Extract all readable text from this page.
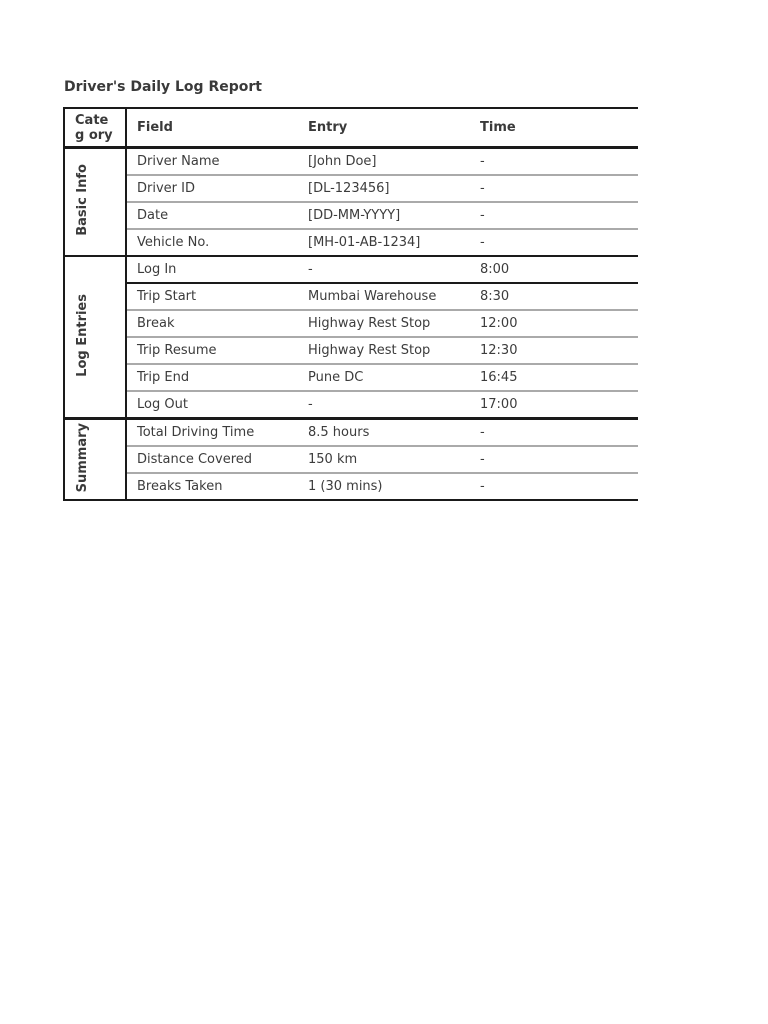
Driver's Daily Log Report
Categ ory	Field	Entry	Time
Basic Info	Driver Name	[John Doe]	-
	Driver ID	[DL-123456]	-
	Date	[DD-MM-YYYY]	-
	Vehicle No.	[MH-01-AB-1234]	-
Log Entries	Log In	-	8:00
	Trip Start	Mumbai Warehouse	8:30
	Break	Highway Rest Stop	12:00
	Trip Resume	Highway Rest Stop	12:30
	Trip End	Pune DC	16:45
	Log Out	-	17:00
Summary	Total Driving Time	8.5 hours	-
	Distance Covered	150 km	-
	Breaks Taken	1 (30 mins)	-
